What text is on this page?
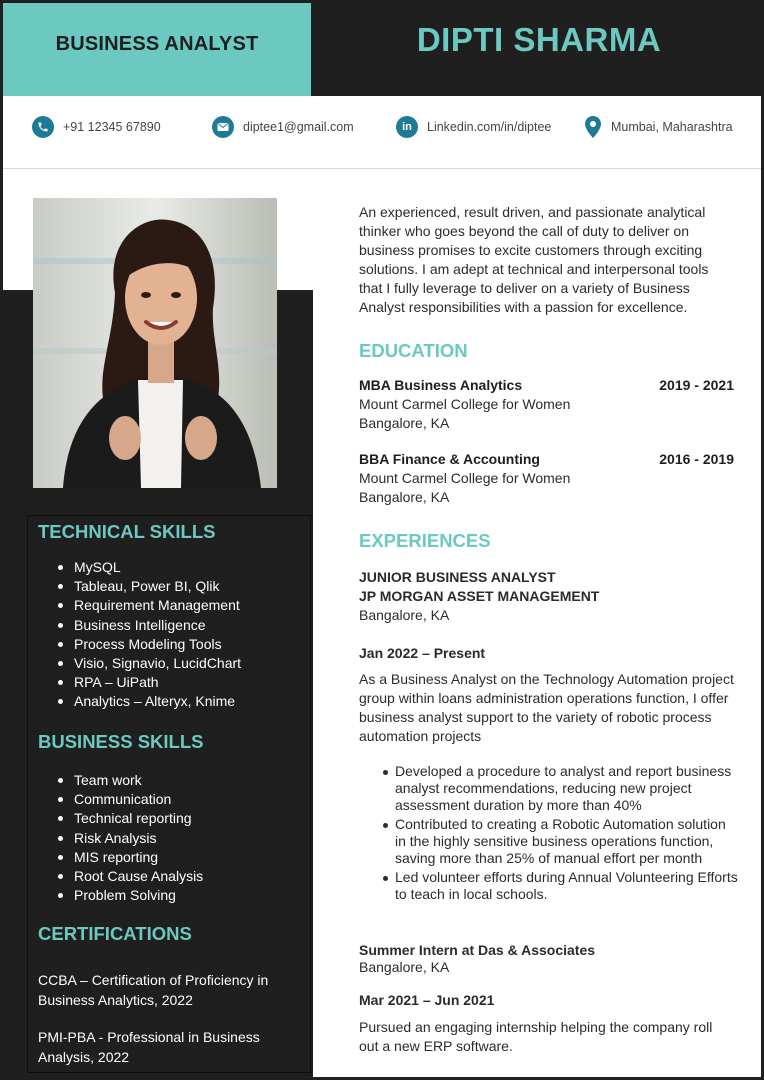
BUSINESS ANALYST	DIPTI SHARMA
+91 12345 67890	diptee1@gmail.com	in	Linkedin.com/in/diptee	Mumbai, Maharashtra
TECHNICAL SKILLS
MySQL
Tableau, Power BI, Qlik
Requirement Management
Business Intelligence
Process Modeling Tools
Visio, Signavio, LucidChart
RPA – UiPath
Analytics – Alteryx, Knime
BUSINESS SKILLS
Team work
Communication
Technical reporting
Risk Analysis
MIS reporting
Root Cause Analysis
Problem Solving
CERTIFICATIONS
CCBA – Certification of Proficiency in Business Analytics, 2022
PMI-PBA - Professional in Business Analysis, 2022
An experienced, result driven, and passionate analytical thinker who goes beyond the call of duty to deliver on business promises to excite customers through exciting solutions. I am adept at technical and interpersonal tools that I fully leverage to deliver on a variety of Business Analyst responsibilities with a passion for excellence.
EDUCATION
MBA Business Analytics	2019 - 2021
Mount Carmel College for Women
Bangalore, KA
BBA Finance & Accounting	2016 - 2019
Mount Carmel College for Women
Bangalore, KA
EXPERIENCES
JUNIOR BUSINESS ANALYST
JP MORGAN ASSET MANAGEMENT
Bangalore, KA
Jan 2022 – Present
As a Business Analyst on the Technology Automation project group within loans administration operations function, I offer business analyst support to the variety of robotic process automation projects
Developed a procedure to analyst and report business analyst recommendations, reducing new project assessment duration by more than 40%
Contributed to creating a Robotic Automation solution in the highly sensitive business operations function, saving more than 25% of manual effort per month
Led volunteer efforts during Annual Volunteering Efforts to teach in local schools.
Summer Intern at Das & Associates
Bangalore, KA
Mar 2021 – Jun 2021
Pursued an engaging internship helping the company roll out a new ERP software.
